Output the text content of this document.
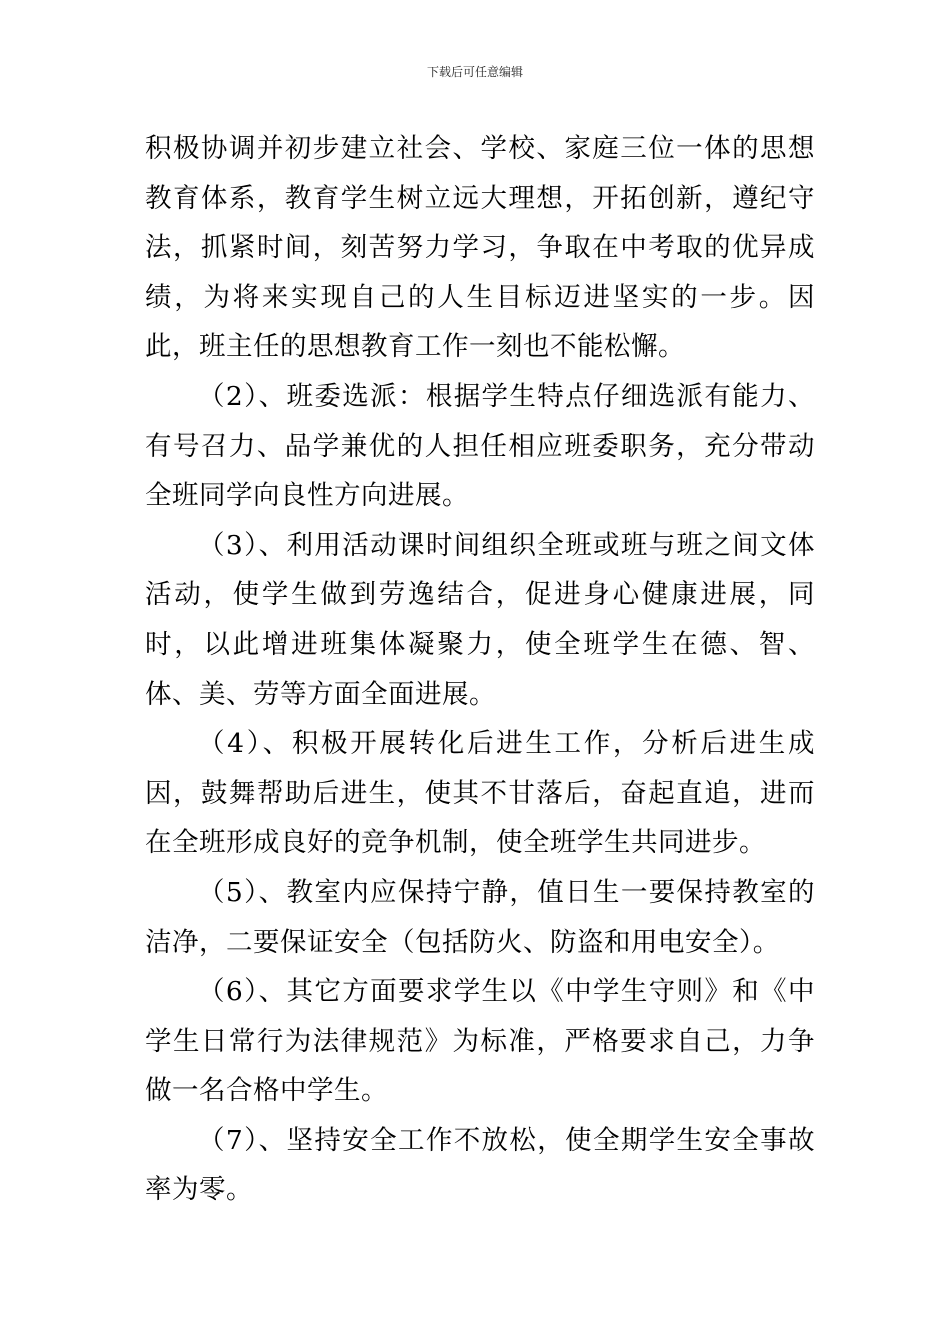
下载后可任意编辑

积极协调并初步建立社会、学校、家庭三位一体的思想教育体系，教育学生树立远大理想，开拓创新，遵纪守法，抓紧时间，刻苦努力学习，争取在中考取的优异成绩，为将来实现自己的人生目标迈进坚实的一步。因此，班主任的思想教育工作一刻也不能松懈。

（2）、班委选派：根据学生特点仔细选派有能力、有号召力、品学兼优的人担任相应班委职务，充分带动全班同学向良性方向进展。

（3）、利用活动课时间组织全班或班与班之间文体活动，使学生做到劳逸结合，促进身心健康进展，同时，以此增进班集体凝聚力，使全班学生在德、智、体、美、劳等方面全面进展。

（4）、积极开展转化后进生工作，分析后进生成因，鼓舞帮助后进生，使其不甘落后，奋起直追，进而在全班形成良好的竞争机制，使全班学生共同进步。

（5）、教室内应保持宁静，值日生一要保持教室的洁净，二要保证安全（包括防火、防盗和用电安全）。

（6）、其它方面要求学生以《中学生守则》和《中学生日常行为法律规范》为标准，严格要求自己，力争做一名合格中学生。

（7）、坚持安全工作不放松，使全期学生安全事故率为零。
